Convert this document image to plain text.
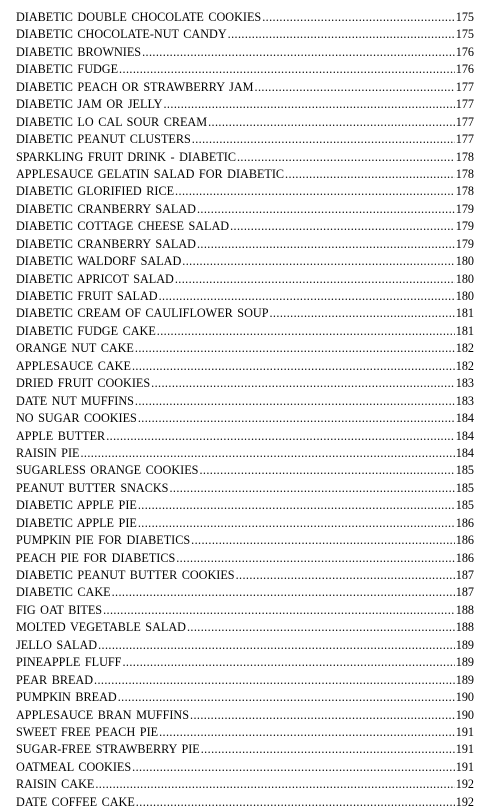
DIABETIC DOUBLE CHOCOLATE COOKIES .....	175
DIABETIC CHOCOLATE-NUT CANDY .....	175
DIABETIC BROWNIES .....	176
DIABETIC FUDGE .....	176
DIABETIC PEACH OR STRAWBERRY JAM .....	177
DIABETIC JAM OR JELLY .....	177
DIABETIC LO CAL SOUR CREAM .....	177
DIABETIC PEANUT CLUSTERS .....	177
SPARKLING FRUIT DRINK - DIABETIC .....	178
APPLESAUCE GELATIN SALAD FOR DIABETIC .....	178
DIABETIC GLORIFIED RICE .....	178
DIABETIC CRANBERRY SALAD .....	179
DIABETIC COTTAGE CHEESE SALAD .....	179
DIABETIC CRANBERRY SALAD .....	179
DIABETIC WALDORF SALAD .....	180
DIABETIC APRICOT SALAD .....	180
DIABETIC FRUIT SALAD .....	180
DIABETIC CREAM OF CAULIFLOWER SOUP .....	181
DIABETIC FUDGE CAKE .....	181
ORANGE NUT CAKE .....	182
APPLESAUCE CAKE .....	182
DRIED FRUIT COOKIES .....	183
DATE NUT MUFFINS .....	183
NO SUGAR COOKIES .....	184
APPLE BUTTER .....	184
RAISIN PIE .....	184
SUGARLESS ORANGE COOKIES .....	185
PEANUT BUTTER SNACKS .....	185
DIABETIC APPLE PIE .....	185
DIABETIC APPLE PIE .....	186
PUMPKIN PIE FOR DIABETICS .....	186
PEACH PIE FOR DIABETICS .....	186
DIABETIC PEANUT BUTTER COOKIES .....	187
DIABETIC CAKE .....	187
FIG OAT BITES .....	188
MOLTED VEGETABLE SALAD .....	188
JELLO SALAD .....	189
PINEAPPLE FLUFF .....	189
PEAR BREAD .....	189
PUMPKIN BREAD .....	190
APPLESAUCE BRAN MUFFINS .....	190
SWEET FREE PEACH PIE .....	191
SUGAR-FREE STRAWBERRY PIE .....	191
OATMEAL COOKIES .....	191
RAISIN CAKE .....	192
DATE COFFEE CAKE .....	192
